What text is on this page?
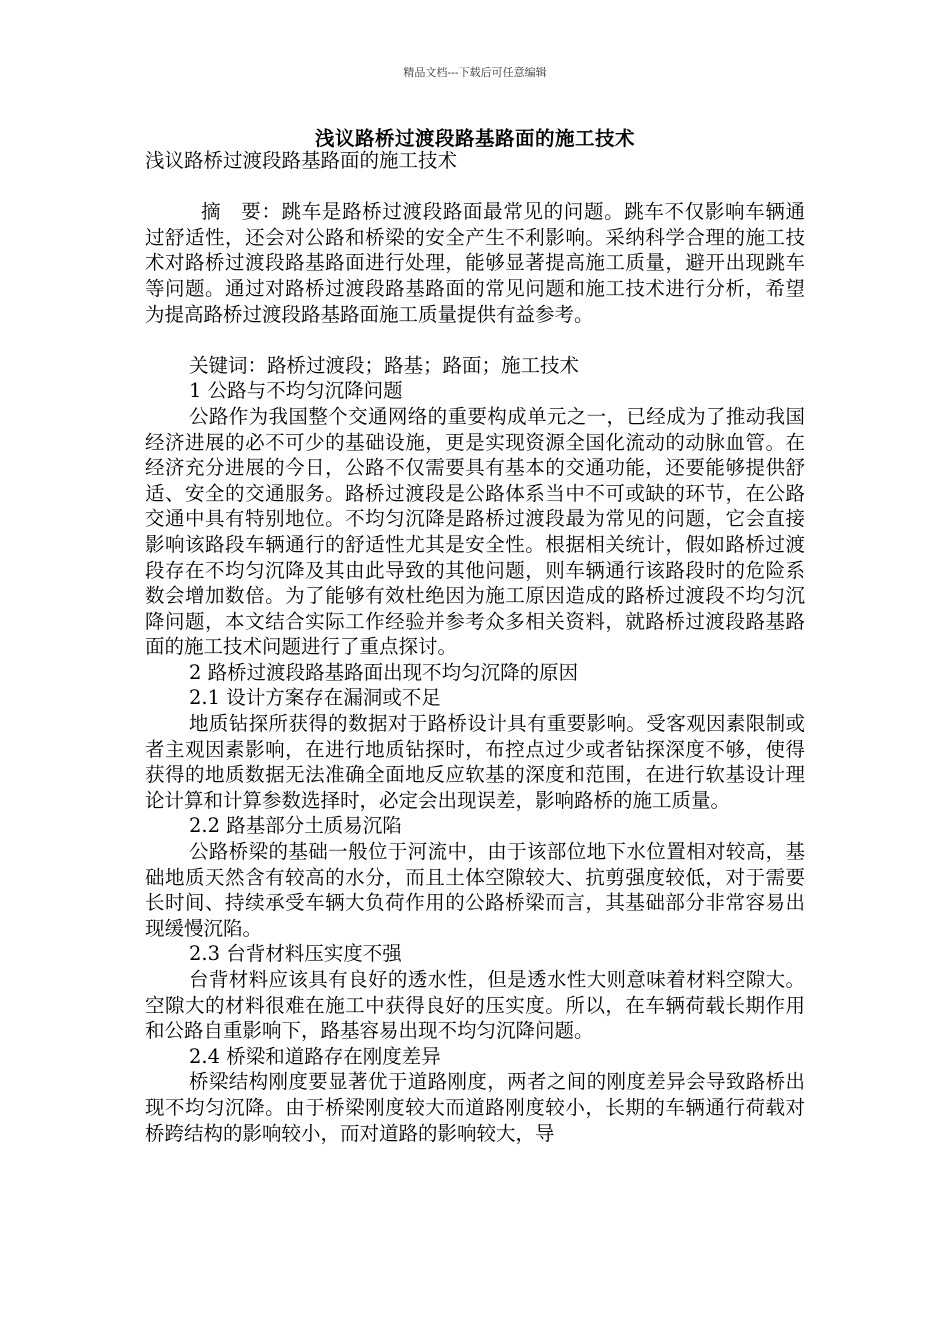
精品文档---下载后可任意编辑
浅议路桥过渡段路基路面的施工技术

浅议路桥过渡段路基路面的施工技术

摘　要：跳车是路桥过渡段路面最常见的问题。跳车不仅影响车辆通过舒适性，还会对公路和桥梁的安全产生不利影响。采纳科学合理的施工技术对路桥过渡段路基路面进行处理，能够显著提高施工质量，避开出现跳车等问题。通过对路桥过渡段路基路面的常见问题和施工技术进行分析，希望为提高路桥过渡段路基路面施工质量提供有益参考。

关键词：路桥过渡段；路基；路面；施工技术

1 公路与不均匀沉降问题

公路作为我国整个交通网络的重要构成单元之一，已经成为了推动我国经济进展的必不可少的基础设施，更是实现资源全国化流动的动脉血管。在经济充分进展的今日，公路不仅需要具有基本的交通功能，还要能够提供舒适、安全的交通服务。路桥过渡段是公路体系当中不可或缺的环节，在公路交通中具有特别地位。不均匀沉降是路桥过渡段最为常见的问题，它会直接影响该路段车辆通行的舒适性尤其是安全性。根据相关统计，假如路桥过渡段存在不均匀沉降及其由此导致的其他问题，则车辆通行该路段时的危险系数会增加数倍。为了能够有效杜绝因为施工原因造成的路桥过渡段不均匀沉降问题，本文结合实际工作经验并参考众多相关资料，就路桥过渡段路基路面的施工技术问题进行了重点探讨。

2 路桥过渡段路基路面出现不均匀沉降的原因

2.1 设计方案存在漏洞或不足

地质钻探所获得的数据对于路桥设计具有重要影响。受客观因素限制或者主观因素影响，在进行地质钻探时，布控点过少或者钻探深度不够，使得获得的地质数据无法准确全面地反应软基的深度和范围，在进行软基设计理论计算和计算参数选择时，必定会出现误差，影响路桥的施工质量。

2.2 路基部分土质易沉陷

公路桥梁的基础一般位于河流中，由于该部位地下水位置相对较高，基础地质天然含有较高的水分，而且土体空隙较大、抗剪强度较低，对于需要长时间、持续承受车辆大负荷作用的公路桥梁而言，其基础部分非常容易出现缓慢沉陷。

2.3 台背材料压实度不强

台背材料应该具有良好的透水性，但是透水性大则意味着材料空隙大。空隙大的材料很难在施工中获得良好的压实度。所以，在车辆荷载长期作用和公路自重影响下，路基容易出现不均匀沉降问题。

2.4 桥梁和道路存在刚度差异

桥梁结构刚度要显著优于道路刚度，两者之间的刚度差异会导致路桥出现不均匀沉降。由于桥梁刚度较大而道路刚度较小，长期的车辆通行荷载对桥跨结构的影响较小，而对道路的影响较大，导
